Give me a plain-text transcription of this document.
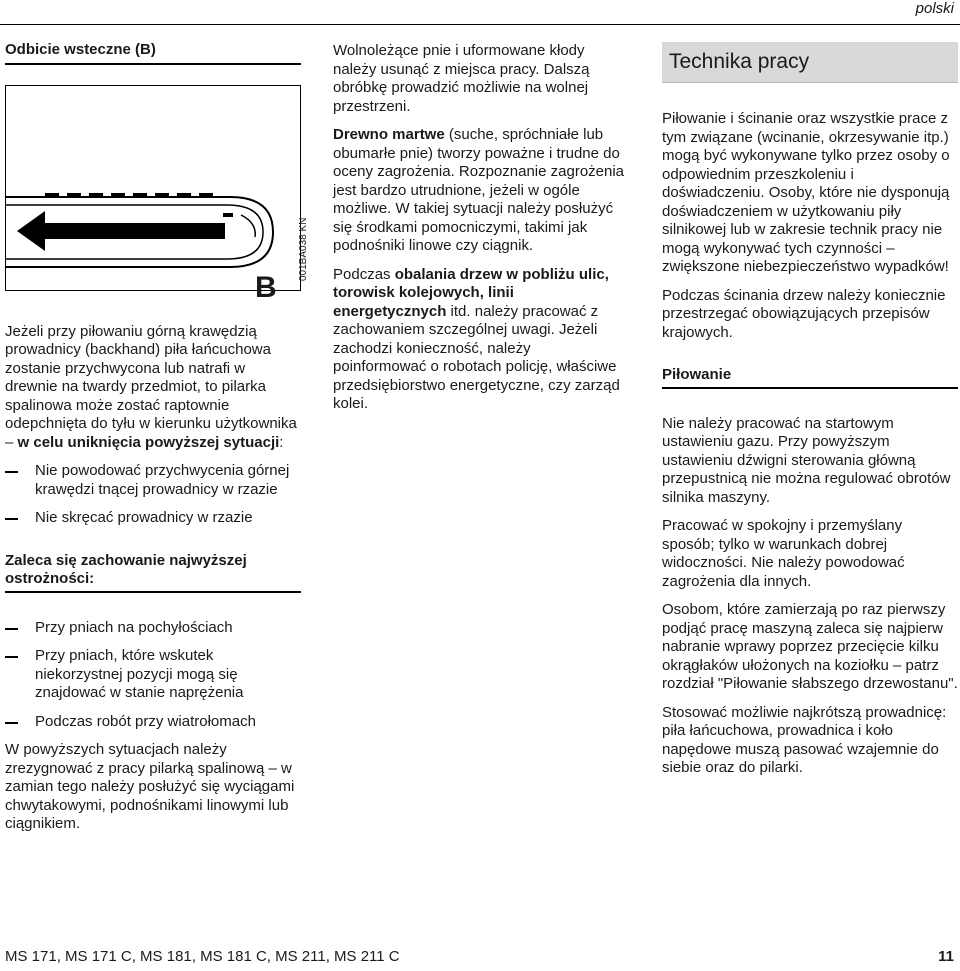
polski
Odbicie wsteczne (B)
B
001BA038 KN

Jeżeli przy piłowaniu górną krawędzią prowadnicy (backhand) piła łańcuchowa zostanie przychwycona lub natrafi w drewnie na twardy przedmiot, to pilarka spalinowa może zostać raptownie odepchnięta do tyłu w kierunku użytkownika – w celu uniknięcia powyższej sytuacji:

Nie powodować przychwycenia górnej krawędzi tnącej prowadnicy w rzazie

Nie skręcać prowadnicy w rzazie

Zaleca się zachowanie najwyższej ostrożności:

Przy pniach na pochyłościach

Przy pniach, które wskutek niekorzystnej pozycji mogą się znajdować w stanie naprężenia

Podczas robót przy wiatrołomach

W powyższych sytuacjach należy zrezygnować z pracy pilarką spalinową – w zamian tego należy posłużyć się wyciągami chwytakowymi, podnośnikami linowymi lub ciągnikiem.

Wolnoleżące pnie i uformowane kłody należy usunąć z miejsca pracy. Dalszą obróbkę prowadzić możliwie na wolnej przestrzeni.

Drewno martwe (suche, spróchniałe lub obumarłe pnie) tworzy poważne i trudne do oceny zagrożenia. Rozpoznanie zagrożenia jest bardzo utrudnione, jeżeli w ogóle możliwe. W takiej sytuacji należy posłużyć się środkami pomocniczymi, takimi jak podnośniki linowe czy ciągnik.

Podczas obalania drzew w pobliżu ulic, torowisk kolejowych, linii energetycznych itd. należy pracować z zachowaniem szczególnej uwagi. Jeżeli zachodzi konieczność, należy poinformować o robotach policję, właściwe przedsiębiorstwo energetyczne, czy zarząd kolei.

Technika pracy

Piłowanie i ścinanie oraz wszystkie prace z tym związane (wcinanie, okrzesywanie itp.) mogą być wykonywane tylko przez osoby o odpowiednim przeszkoleniu i doświadczeniu. Osoby, które nie dysponują doświadczeniem w użytkowaniu piły silnikowej lub w zakresie technik pracy nie mogą wykonywać tych czynności – zwiększone niebezpieczeństwo wypadków!

Podczas ścinania drzew należy koniecznie przestrzegać obowiązujących przepisów krajowych.

Piłowanie

Nie należy pracować na startowym ustawieniu gazu. Przy powyższym ustawieniu dźwigni sterowania główną przepustnicą nie można regulować obrotów silnika maszyny.

Pracować w spokojny i przemyślany sposób; tylko w warunkach dobrej widoczności. Nie należy powodować zagrożenia dla innych.

Osobom, które zamierzają po raz pierwszy podjąć pracę maszyną zaleca się najpierw nabranie wprawy poprzez przecięcie kilku okrągłaków ułożonych na koziołku – patrz rozdział "Piłowanie słabszego drzewostanu".

Stosować możliwie najkrótszą prowadnicę: piła łańcuchowa, prowadnica i koło napędowe muszą pasować wzajemnie do siebie oraz do pilarki.

MS 171, MS 171 C, MS 181, MS 181 C, MS 211, MS 211 C	11
